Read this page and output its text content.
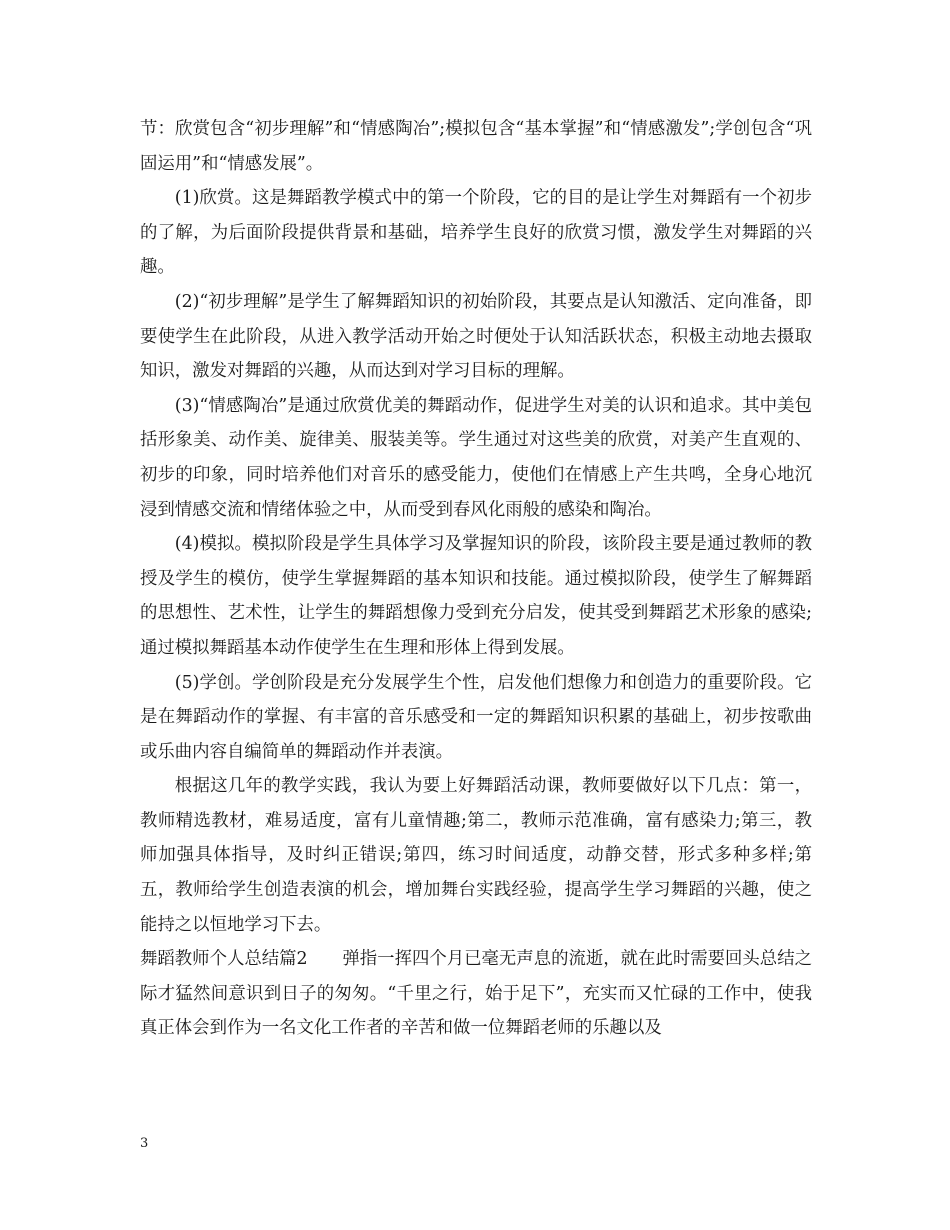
节：欣赏包含“初步理解”和“情感陶冶”;模拟包含“基本掌握”和“情感激发”;学创包含“巩固运用”和“情感发展”。

(1)欣赏。这是舞蹈教学模式中的第一个阶段，它的目的是让学生对舞蹈有一个初步的了解，为后面阶段提供背景和基础，培养学生良好的欣赏习惯，激发学生对舞蹈的兴趣。

(2)“初步理解”是学生了解舞蹈知识的初始阶段，其要点是认知激活、定向准备，即要使学生在此阶段，从进入教学活动开始之时便处于认知活跃状态，积极主动地去摄取知识，激发对舞蹈的兴趣，从而达到对学习目标的理解。

(3)“情感陶冶”是通过欣赏优美的舞蹈动作，促进学生对美的认识和追求。其中美包括形象美、动作美、旋律美、服装美等。学生通过对这些美的欣赏，对美产生直观的、初步的印象，同时培养他们对音乐的感受能力，使他们在情感上产生共鸣，全身心地沉浸到情感交流和情绪体验之中，从而受到春风化雨般的感染和陶冶。

(4)模拟。模拟阶段是学生具体学习及掌握知识的阶段，该阶段主要是通过教师的教授及学生的模仿，使学生掌握舞蹈的基本知识和技能。通过模拟阶段，使学生了解舞蹈的思想性、艺术性，让学生的舞蹈想像力受到充分启发，使其受到舞蹈艺术形象的感染;通过模拟舞蹈基本动作使学生在生理和形体上得到发展。

(5)学创。学创阶段是充分发展学生个性，启发他们想像力和创造力的重要阶段。它是在舞蹈动作的掌握、有丰富的音乐感受和一定的舞蹈知识积累的基础上，初步按歌曲或乐曲内容自编简单的舞蹈动作并表演。

根据这几年的教学实践，我认为要上好舞蹈活动课，教师要做好以下几点：第一，教师精选教材，难易适度，富有儿童情趣;第二，教师示范准确，富有感染力;第三，教师加强具体指导，及时纠正错误;第四，练习时间适度，动静交替，形式多种多样;第五，教师给学生创造表演的机会，增加舞台实践经验，提高学生学习舞蹈的兴趣，使之能持之以恒地学习下去。

舞蹈教师个人总结篇2 弹指一挥四个月已毫无声息的流逝，就在此时需要回头总结之际才猛然间意识到日子的匆匆。“千里之行，始于足下”，充实而又忙碌的工作中，使我真正体会到作为一名文化工作者的辛苦和做一位舞蹈老师的乐趣以及

3
